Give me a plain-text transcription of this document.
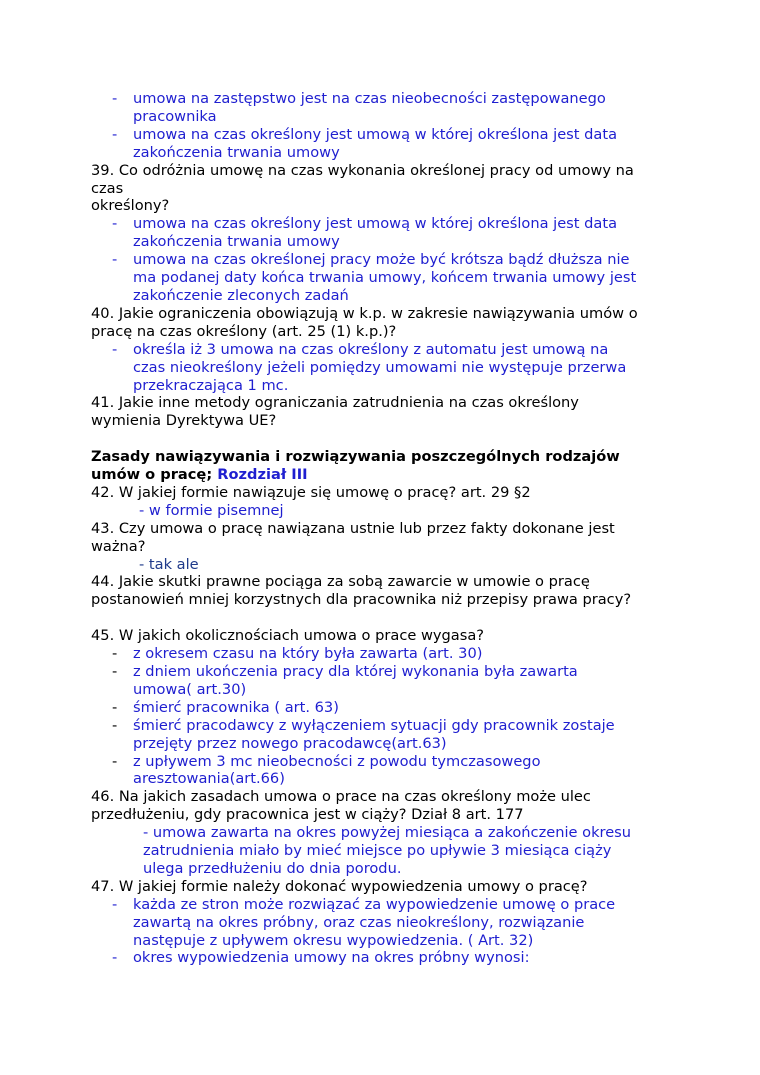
-	umowa na zastępstwo jest na czas nieobecności zastępowanego
pracownika
-	umowa na czas określony jest umową w której określona jest data
zakończenia trwania umowy
39. Co odróżnia umowę na czas wykonania określonej pracy od umowy na
czas
określony?
-	umowa na czas określony jest umową w której określona jest data
zakończenia trwania umowy
-	umowa na czas określonej pracy może być krótsza bądź dłuższa nie
ma podanej daty końca trwania umowy, końcem trwania umowy jest
zakończenie zleconych zadań
40. Jakie ograniczenia obowiązują w k.p. w zakresie nawiązywania umów o
pracę na czas określony (art. 25 (1) k.p.)?
-	określa iż 3 umowa na czas określony z automatu jest umową na
czas nieokreślony jeżeli pomiędzy umowami nie występuje przerwa
przekraczająca 1 mc.
41. Jakie inne metody ograniczania zatrudnienia na czas określony
wymienia Dyrektywa UE?
Zasady nawiązywania i rozwiązywania poszczególnych rodzajów
umów o pracę; Rozdział III
42. W jakiej formie nawiązuje się umowę o pracę? art. 29 §2
- w formie pisemnej
43. Czy umowa o pracę nawiązana ustnie lub przez fakty dokonane jest
ważna?
- tak ale
44. Jakie skutki prawne pociąga za sobą zawarcie w umowie o pracę
postanowień mniej korzystnych dla pracownika niż przepisy prawa pracy?
45. W jakich okolicznościach umowa o prace wygasa?
-	z okresem czasu na który była zawarta (art. 30)
-	z dniem ukończenia pracy dla której wykonania była zawarta
umowa( art.30)
-	śmierć pracownika ( art. 63)
-	śmierć pracodawcy z wyłączeniem sytuacji gdy pracownik zostaje
przejęty przez nowego pracodawcę(art.63)
-	z upływem 3 mc nieobecności z powodu tymczasowego
aresztowania(art.66)
46. Na jakich zasadach umowa o prace na czas określony może ulec
przedłużeniu, gdy pracownica jest w ciąży? Dział 8 art. 177
- umowa zawarta na okres powyżej miesiąca a zakończenie okresu
zatrudnienia miało by mieć miejsce po upływie 3 miesiąca ciąży
ulega przedłużeniu do dnia porodu.
47. W jakiej formie należy dokonać wypowiedzenia umowy o pracę?
-	każda ze stron może rozwiązać za wypowiedzenie umowę o prace
zawartą na okres próbny, oraz czas nieokreślony, rozwiązanie
następuje z upływem okresu wypowiedzenia. ( Art. 32)
-	okres wypowiedzenia umowy na okres próbny wynosi:
